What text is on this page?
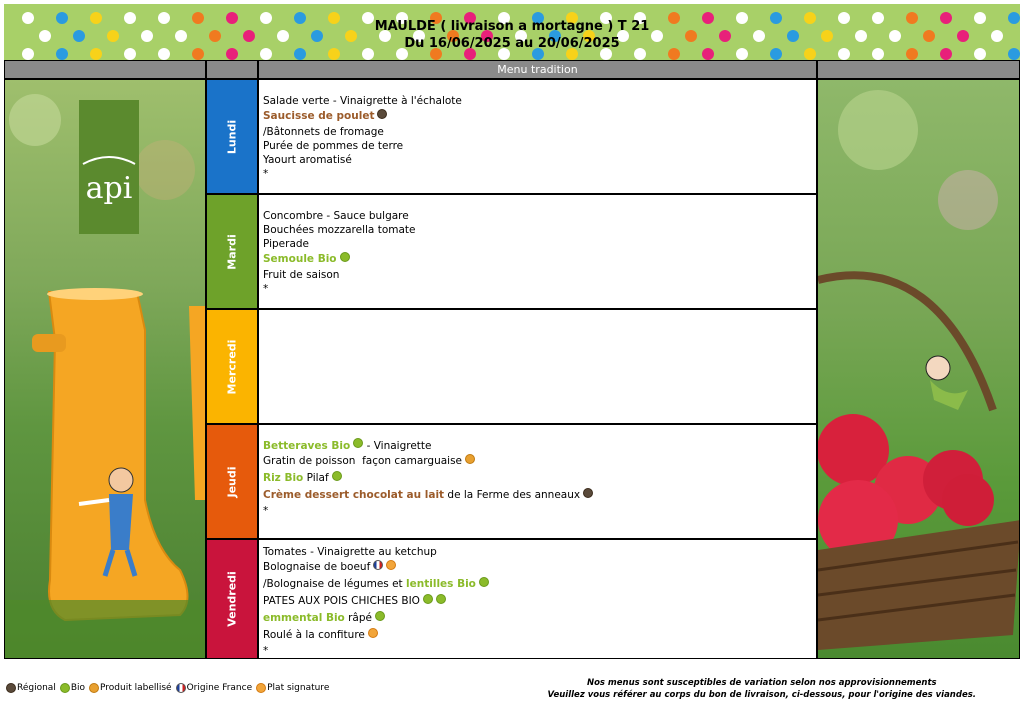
MAULDE ( livraison a mortagne ) T 21
Du 16/06/2025 au 20/06/2025
Menu tradition
api
Lundi
Mardi
Mercredi
Jeudi
Vendredi
Salade verte - Vinaigrette à l'échalote
Saucisse de poulet
/Bâtonnets de fromage
Purée de pommes de terre
Yaourt aromatisé
*
Concombre - Sauce bulgare
Bouchées mozzarella tomate
Piperade
Semoule Bio
Fruit de saison
*
Betteraves Bio - Vinaigrette
Gratin de poisson  façon camarguaise
Riz Bio Pilaf
Crème dessert chocolat au lait de la Ferme des anneaux
*
Tomates - Vinaigrette au ketchup
Bolognaise de boeuf
/Bolognaise de légumes et lentilles Bio
PATES AUX POIS CHICHES BIO
emmental Bio râpé
Roulé à la confiture
*
Régional Bio Produit labellisé Origine France Plat signature	Nos menus sont susceptibles de variation selon nos approvisionnements
Veuillez vous référer au corps du bon de livraison, ci-dessous, pour l'origine des viandes.
